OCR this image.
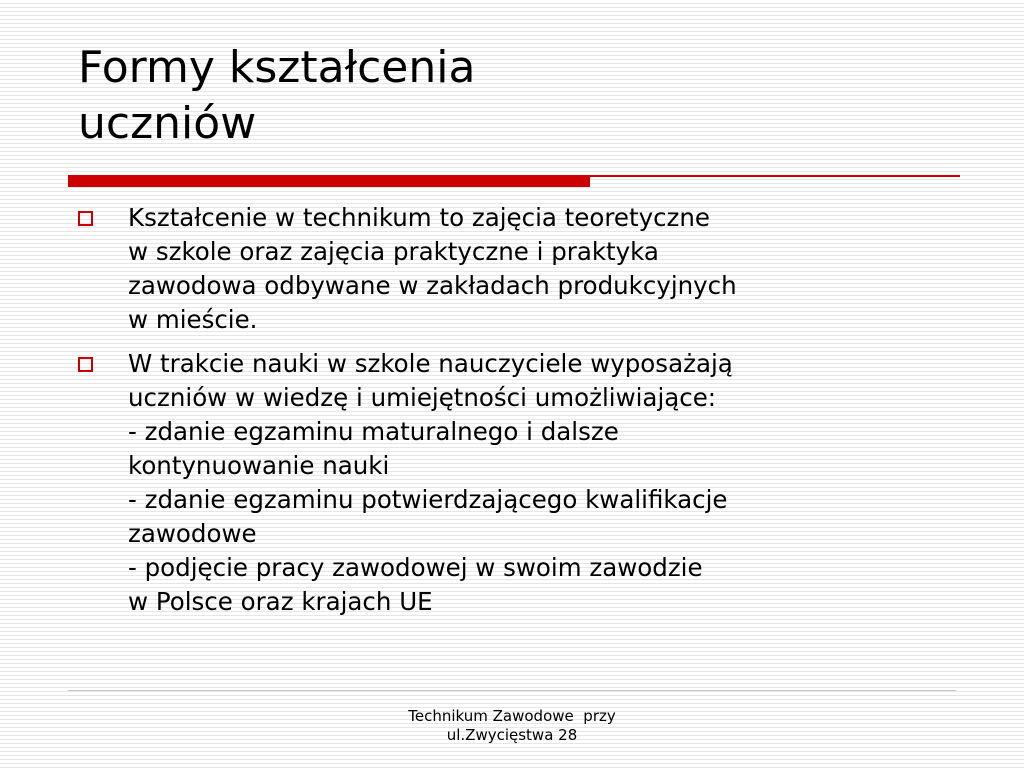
Formy kształcenia
uczniów
Kształcenie w technikum to zajęcia teoretyczne
w szkole oraz zajęcia praktyczne i praktyka
zawodowa odbywane w zakładach produkcyjnych
w mieście.
W trakcie nauki w szkole nauczyciele wyposażają
uczniów w wiedzę i umiejętności umożliwiające:
- zdanie egzaminu maturalnego i dalsze
kontynuowanie nauki
- zdanie egzaminu potwierdzającego kwalifikacje
zawodowe
- podjęcie pracy zawodowej w swoim zawodzie
w Polsce oraz krajach UE
Technikum Zawodowe  przy
ul.Zwycięstwa 28
